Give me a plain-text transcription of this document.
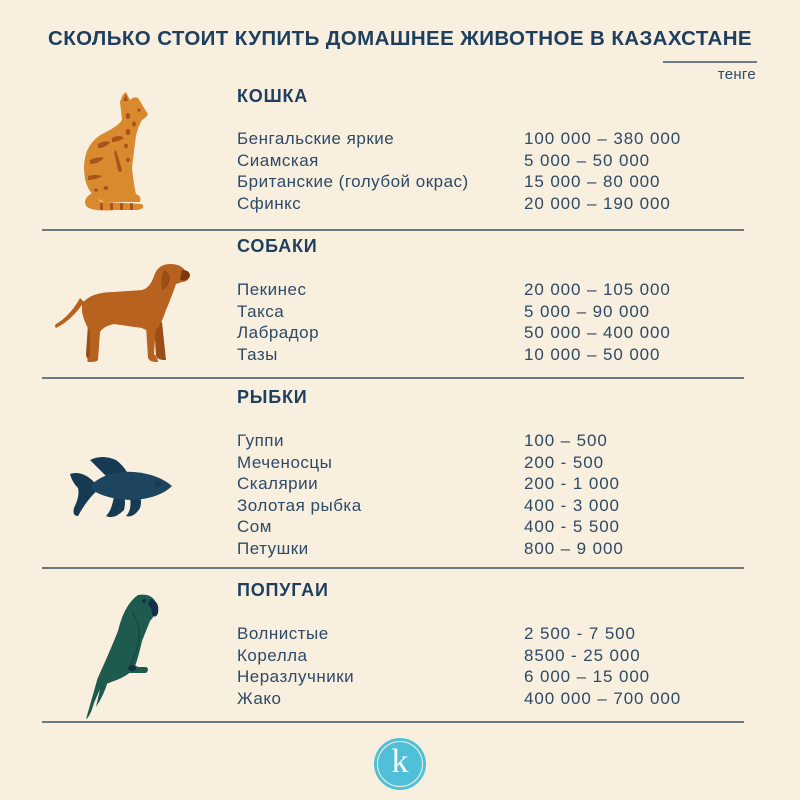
СКОЛЬКО СТОИТ КУПИТЬ ДОМАШНЕЕ ЖИВОТНОЕ В КАЗАХСТАНЕ
тенге
КОШКА
Бенгальские яркие	100 000 – 380 000
Сиамская	5 000 – 50 000
Британские (голубой окрас)	15 000 – 80 000
Сфинкс	20 000 – 190 000
СОБАКИ
Пекинес	20 000 – 105 000
Такса	5 000 – 90 000
Лабрадор	50 000 – 400 000
Тазы	10 000 – 50 000
РЫБКИ
Гуппи	100 – 500
Меченосцы	200 - 500
Скалярии	200 - 1 000
Золотая рыбка	400 - 3 000
Сом	400 - 5 500
Петушки	800 – 9 000
ПОПУГАИ
Волнистые	2 500 - 7 500
Корелла	8500 - 25 000
Неразлучники	6 000 – 15 000
Жако	400 000 – 700 000
k
